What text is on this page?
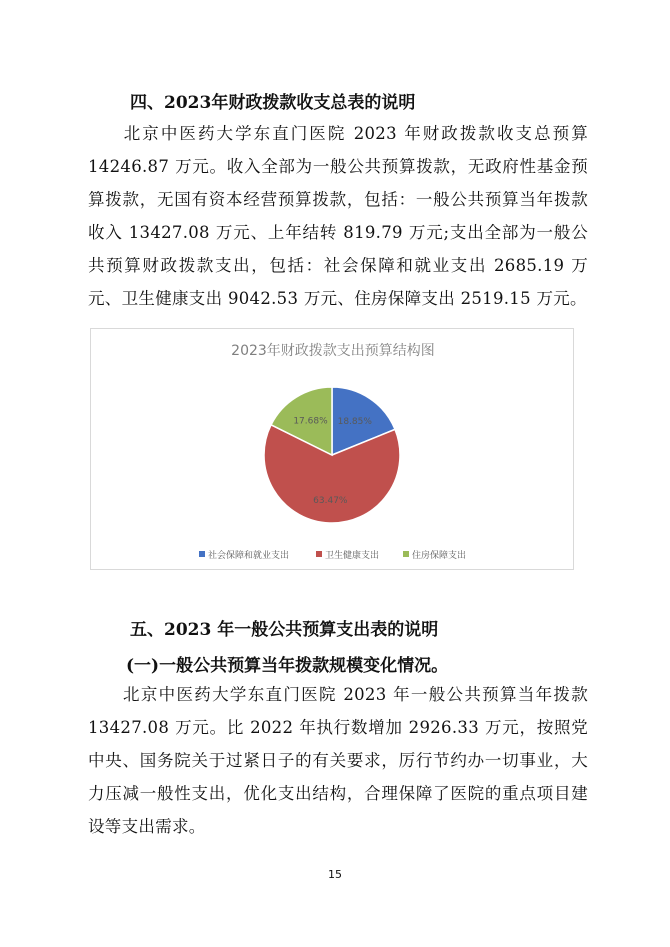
四、2023年财政拨款收支总表的说明
北京中医药大学东直门医院 2023 年财政拨款收支总预算 14246.87 万元。收入全部为一般公共预算拨款，无政府性基金预算拨款，无国有资本经营预算拨款，包括：一般公共预算当年拨款收入 13427.08 万元、上年结转 819.79 万元;支出全部为一般公共预算财政拨款支出，包括：社会保障和就业支出 2685.19 万元、卫生健康支出 9042.53 万元、住房保障支出 2519.15 万元。
2023年财政拨款支出预算结构图
18.85%
63.47%
17.68%
社会保障和就业支出	卫生健康支出	住房保障支出
五、2023 年一般公共预算支出表的说明
(一)一般公共预算当年拨款规模变化情况。
北京中医药大学东直门医院 2023 年一般公共预算当年拨款 13427.08 万元。比 2022 年执行数增加 2926.33 万元，按照党中央、国务院关于过紧日子的有关要求，厉行节约办一切事业，大力压减一般性支出，优化支出结构，合理保障了医院的重点项目建设等支出需求。
15
